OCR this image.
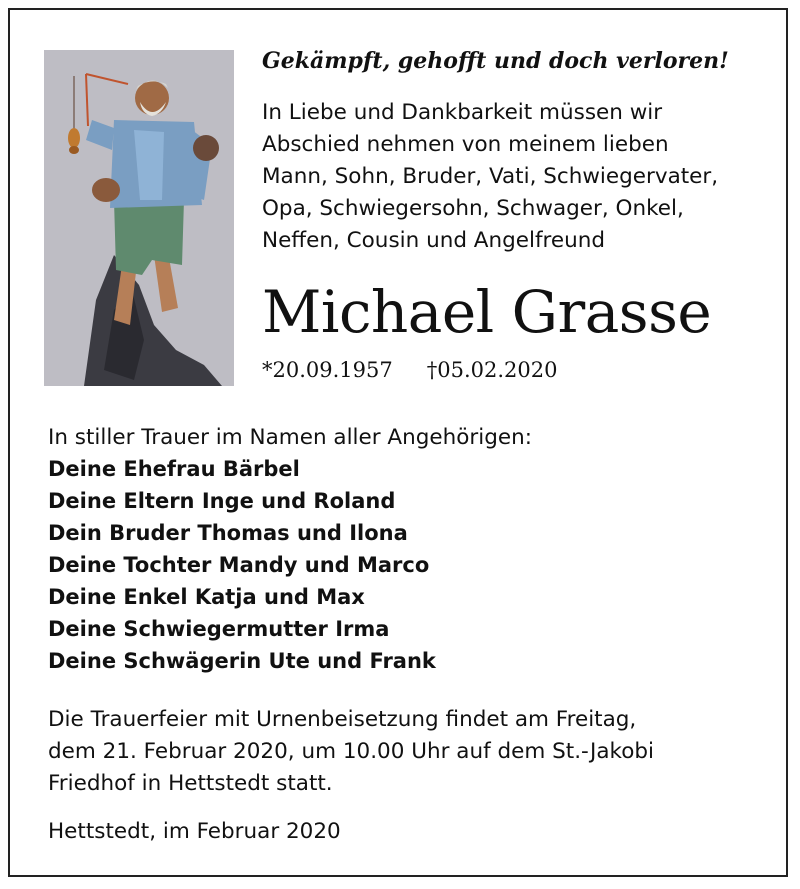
Gekämpft, gehofft und doch verloren!
In Liebe und Dankbarkeit müssen wir
Abschied nehmen von meinem lieben
Mann, Sohn, Bruder, Vati, Schwiegervater,
Opa, Schwiegersohn, Schwager, Onkel,
Neffen, Cousin und Angelfreund
Michael Grasse
*20.09.1957 †05.02.2020
In stiller Trauer im Namen aller Angehörigen:
Deine Ehefrau Bärbel
Deine Eltern Inge und Roland
Dein Bruder Thomas und Ilona
Deine Tochter Mandy und Marco
Deine Enkel Katja und Max
Deine Schwiegermutter Irma
Deine Schwägerin Ute und Frank
Die Trauerfeier mit Urnenbeisetzung findet am Freitag,
dem 21. Februar 2020, um 10.00 Uhr auf dem St.-Jakobi
Friedhof in Hettstedt statt.
Hettstedt, im Februar 2020
